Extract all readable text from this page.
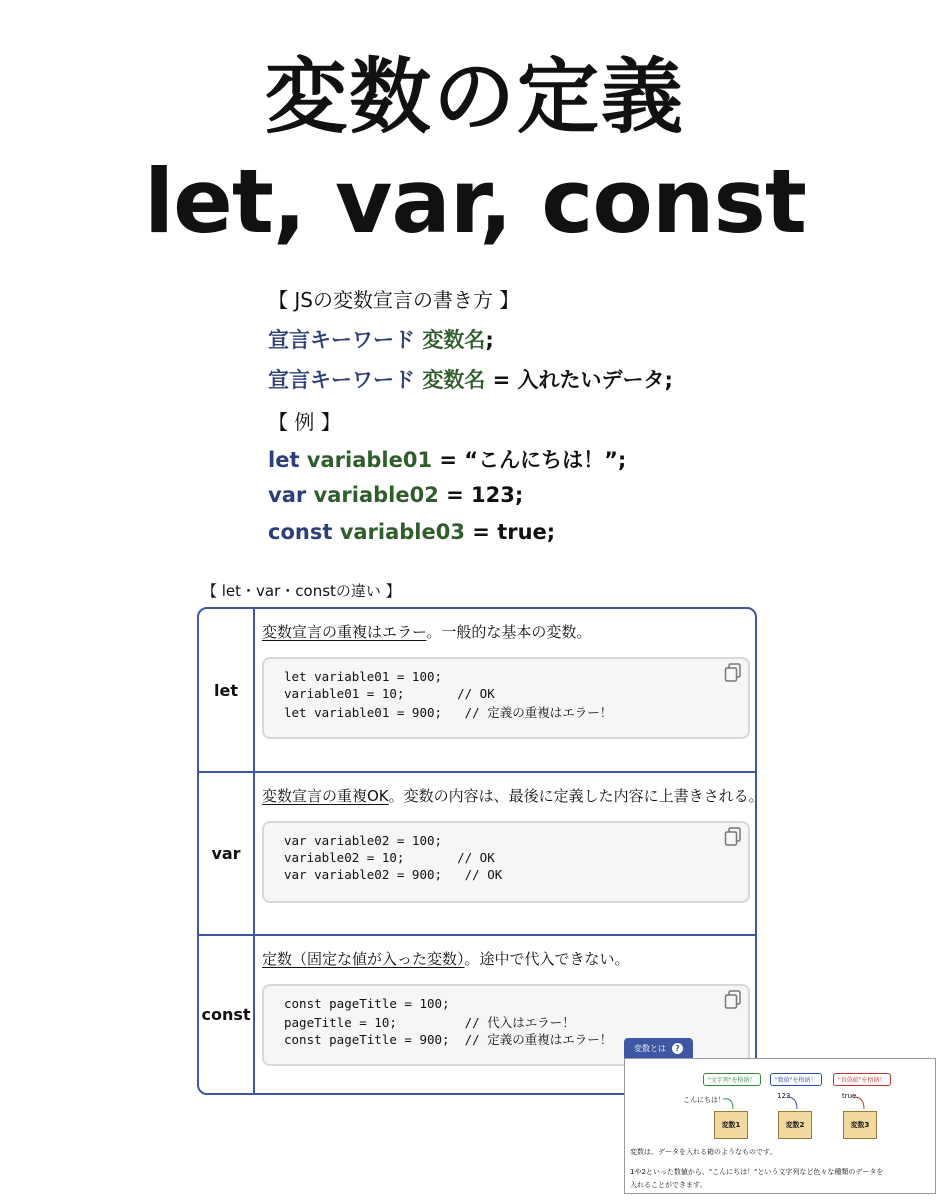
変数の定義
let, var, const
【 JSの変数宣言の書き方 】
宣言キーワード 変数名;
宣言キーワード 変数名 = 入れたいデータ;
【 例 】
let variable01 = “こんにちは！”;
var variable02 = 123;
const variable03 = true;
【 let・var・constの違い 】
let
変数宣言の重複はエラー。一般的な基本の変数。
let variable01 = 100;
variable01 = 10;       // OK
let variable01 = 900;   // 定義の重複はエラー！
var
変数宣言の重複OK。変数の内容は、最後に定義した内容に上書きされる。
var variable02 = 100;
variable02 = 10;       // OK
var variable02 = 900;   // OK
const
定数（固定な値が入った変数）。途中で代入できない。
const pageTitle = 100;
pageTitle = 10;         // 代入はエラー！
const pageTitle = 900;  // 定義の重複はエラー！
変数とは ?
"文字列"を格納！	"数値"を格納！	"真偽値"を格納！
こんにちは！	123	true
変数1	変数2	変数3
変数は、データを入れる箱のようなものです。
1や2といった数値から、"こんにちは！"という文字列など色々な種類のデータを
入れることができます。
